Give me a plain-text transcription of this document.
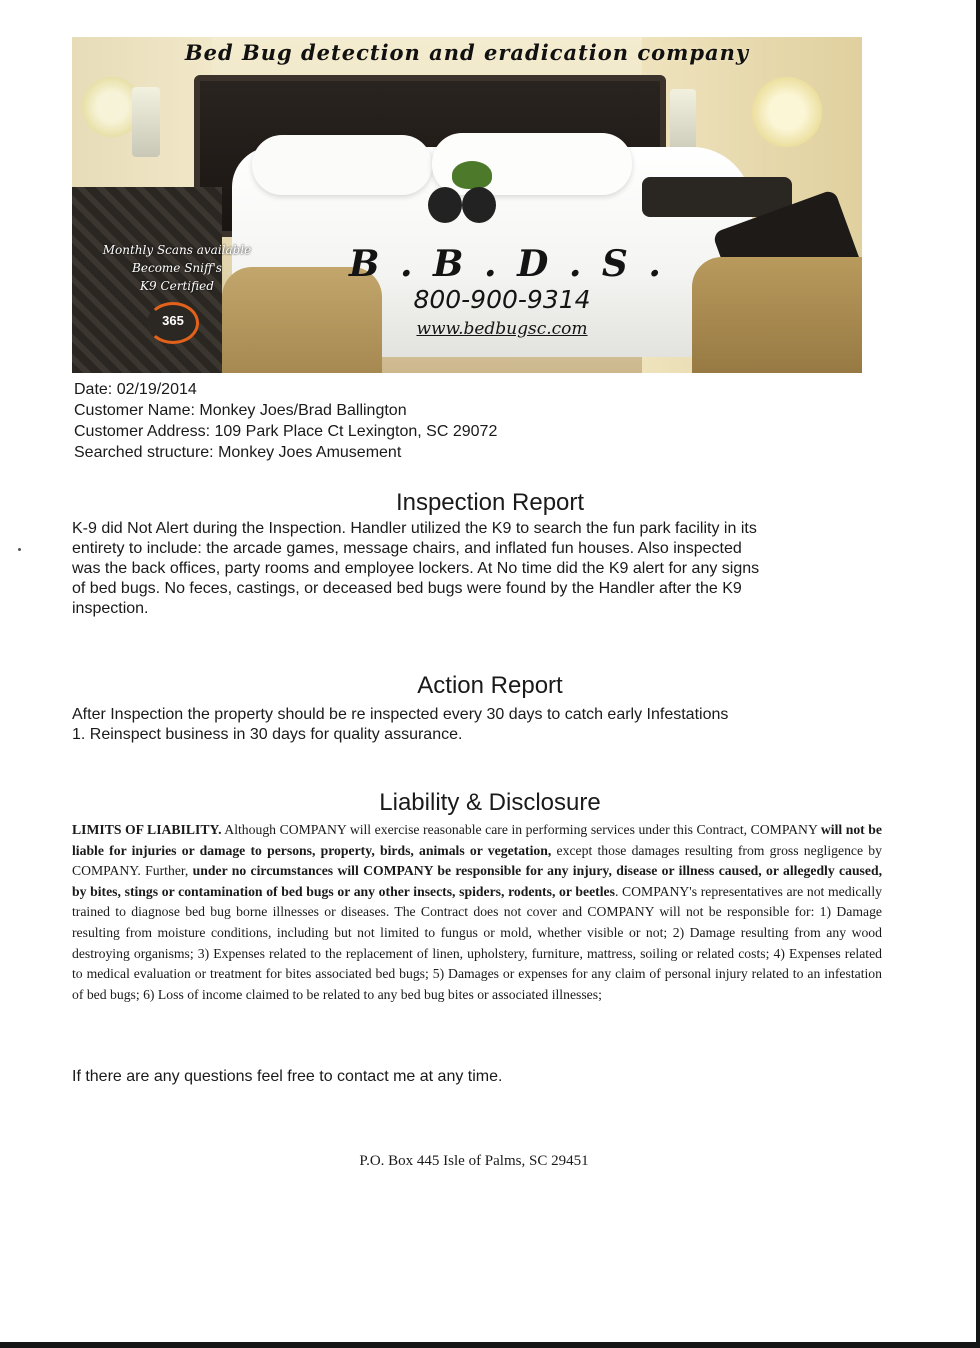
Bed Bug detection and eradication company
Monthly Scans available
Become Sniff's
K9 Certified
365
B . B . D . S .
800-900-9314
www.bedbugsc.com
Date: 02/19/2014
Customer Name: Monkey Joes/Brad Ballington
Customer Address: 109 Park Place Ct Lexington, SC 29072
Searched structure: Monkey Joes Amusement
Inspection Report
K-9 did Not Alert during the Inspection. Handler utilized the K9 to search the fun park facility in its
entirety to include: the arcade games, message chairs, and inflated fun houses. Also inspected
was the back offices, party rooms and employee lockers. At No time did the K9 alert for any signs
of bed bugs. No feces, castings, or deceased bed bugs were found by the Handler after the K9
inspection.
Action Report
After Inspection the property should be re inspected every 30 days to catch early Infestations
1. Reinspect business in 30 days for quality assurance.
Liability & Disclosure
LIMITS OF LIABILITY. Although COMPANY will exercise reasonable care in performing services under this Contract, COMPANY will not be liable for injuries or damage to persons, property, birds, animals or vegetation, except those damages resulting from gross negligence by COMPANY. Further, under no circumstances will COMPANY be responsible for any injury, disease or illness caused, or allegedly caused, by bites, stings or contamination of bed bugs or any other insects, spiders, rodents, or beetles. COMPANY's representatives are not medically trained to diagnose bed bug borne illnesses or diseases. The Contract does not cover and COMPANY will not be responsible for: 1) Damage resulting from moisture conditions, including but not limited to fungus or mold, whether visible or not; 2) Damage resulting from any wood destroying organisms; 3) Expenses related to the replacement of linen, upholstery, furniture, mattress, soiling or related costs; 4) Expenses related to medical evaluation or treatment for bites associated bed bugs; 5) Damages or expenses for any claim of personal injury related to an infestation of bed bugs; 6) Loss of income claimed to be related to any bed bug bites or associated illnesses;
If there are any questions feel free to contact me at any time.
P.O. Box 445 Isle of Palms, SC 29451
